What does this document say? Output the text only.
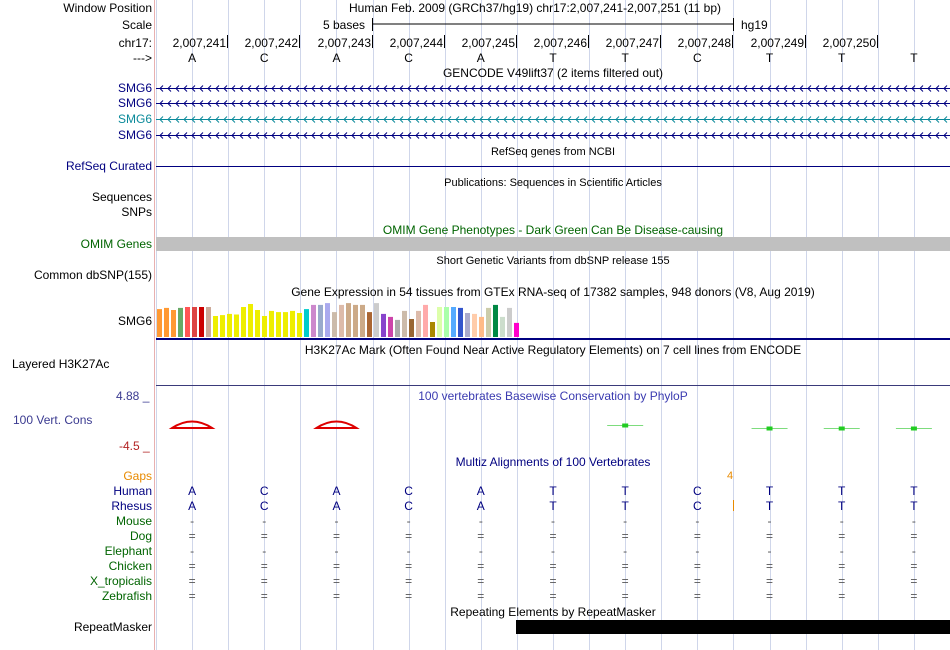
Window Position	Human Feb. 2009 (GRCh37/hg19) chr17:2,007,241-2,007,251 (11 bp)
Scale	5 bases	hg19
chr17:
--->
GENCODE V49lift37 (2 items filtered out)
SMG6
SMG6
SMG6
SMG6
RefSeq genes from NCBI
RefSeq Curated
Publications: Sequences in Scientific Articles
Sequences
SNPs
OMIM Gene Phenotypes - Dark Green Can Be Disease-causing
OMIM Genes
Short Genetic Variants from dbSNP release 155
Common dbSNP(155)
Gene Expression in 54 tissues from GTEx RNA-seq of 17382 samples, 948 donors (V8, Aug 2019)
SMG6
H3K27Ac Mark (Often Found Near Active Regulatory Elements) on 7 cell lines from ENCODE
Layered H3K27Ac
100 vertebrates Basewise Conservation by PhyloP
4.88 _
100 Vert. Cons
-4.5 _
Multiz Alignments of 100 Vertebrates
Gaps	4
Repeating Elements by RepeatMasker
RepeatMasker
2,007,241	2,007,242	2,007,243	2,007,244	2,007,245	2,007,246	2,007,247	2,007,248	2,007,249	2,007,250
A	C	A	C	A	T	T	C	T	T	T
Human	A	C	A	C	A	T	T	C	T	T	T
Rhesus	A	C	A	C	A	T	T	C	T	T	T
Mouse	-	-	-	-	-	-	-	-	-	-	-
Dog	=	=	=	=	=	=	=	=	=	=	=
Elephant	-	-	-	-	-	-	-	-	-	-	-
Chicken	=	=	=	=	=	=	=	=	=	=	=
X_tropicalis	=	=	=	=	=	=	=	=	=	=	=
Zebrafish	=	=	=	=	=	=	=	=	=	=	=
